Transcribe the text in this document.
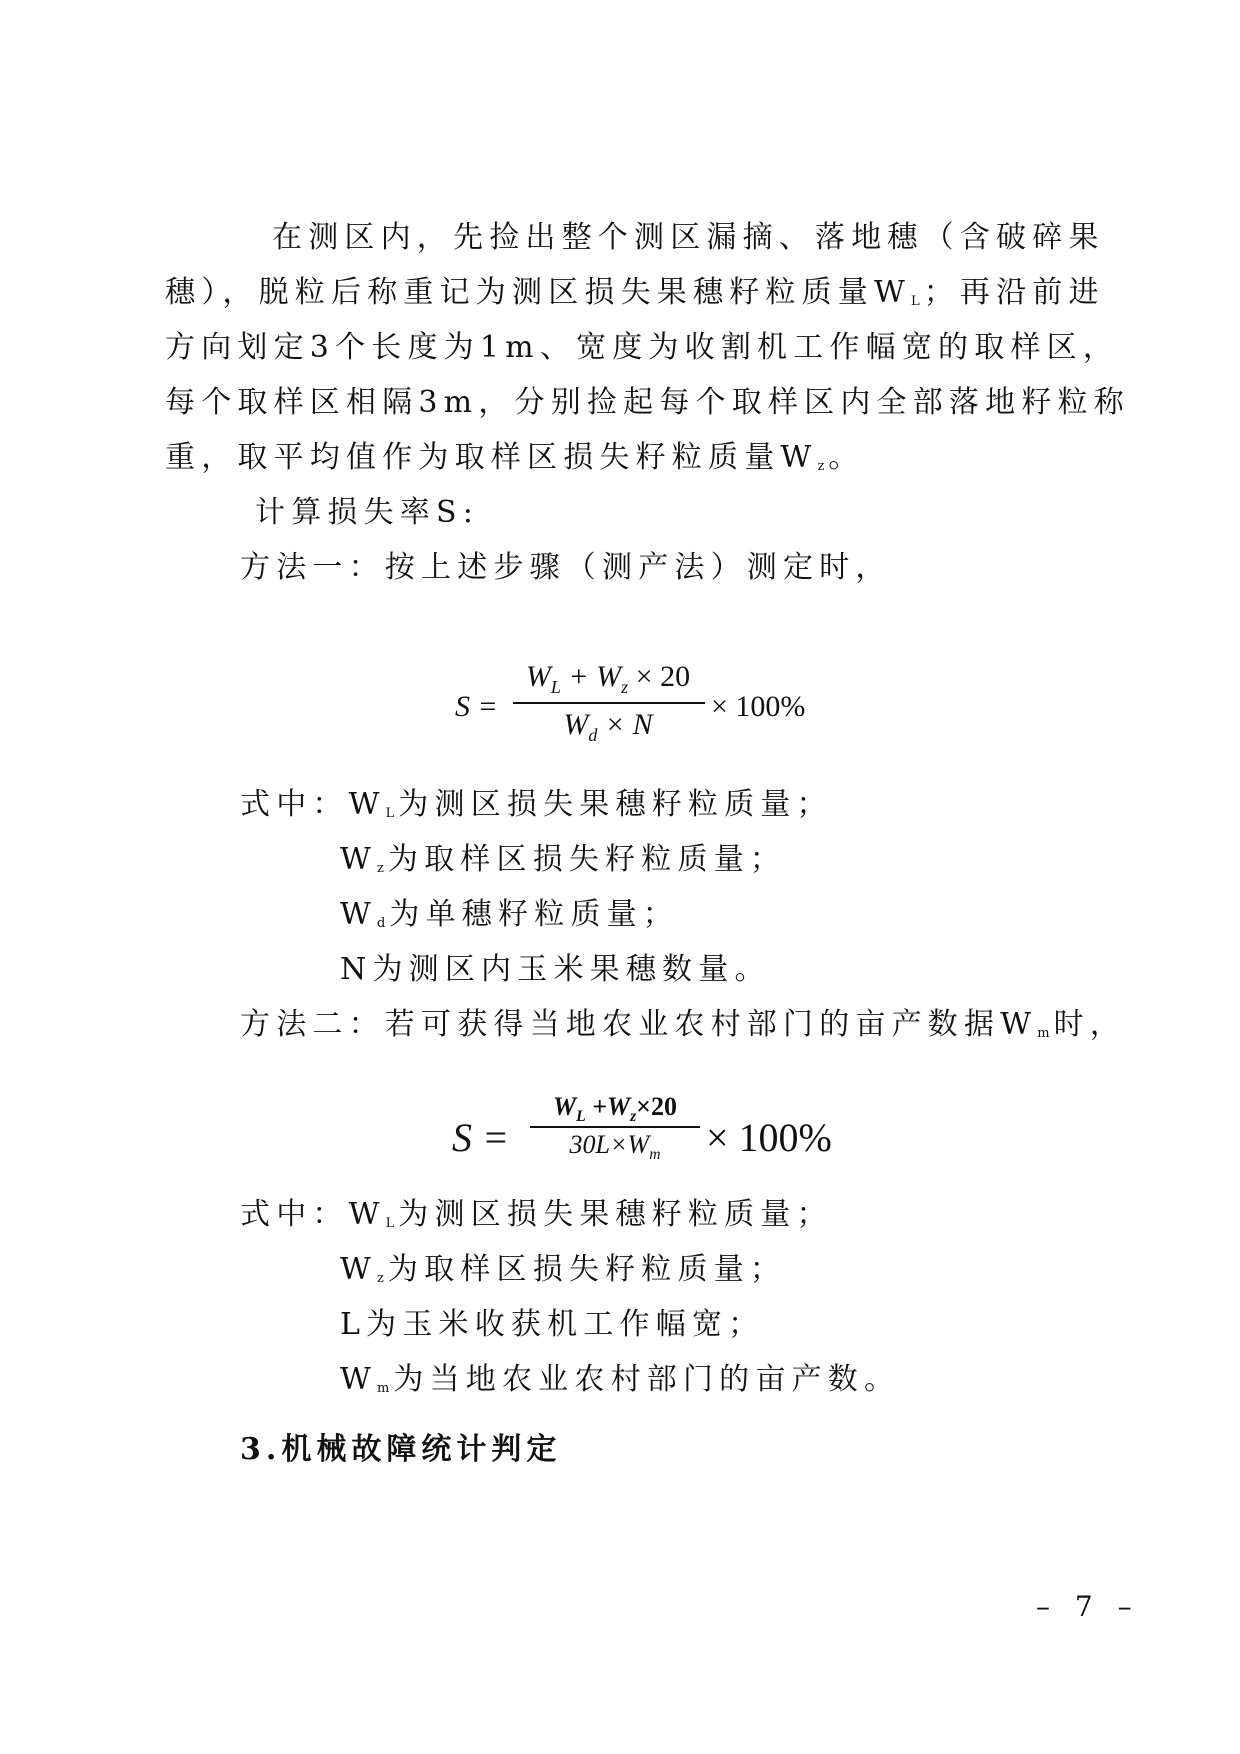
在测区内，先捡出整个测区漏摘、落地穗（含破碎果
穗），脱粒后称重记为测区损失果穗籽粒质量$W_L$ ；再沿前进
方向划定3个长度为1m、宽度为收割机工作幅宽的取样区，
每个取样区相隔3m，分别捡起每个取样区内全部落地籽粒称
重，取平均值作为取样区损失籽粒质量$W_z$ 。
计算损失率S:
方法一：按上述步骤（测产法）测定时，
S =
$W_L + W_z \times 20$
$W_d \times N$
× 100%
式中：$W_L$ 为测区损失果穗籽粒质量；
$W_z$ 为取样区损失籽粒质量；
$W_d$ 为单穗籽粒质量；
N为测区内玉米果穗数量。
方法二：若可获得当地农业农村部门的亩产数据$W_m$ 时，
S =
$W_L +W_z\times 20$
$30L\times W_m$	× 100%
式中：$W_L$ 为测区损失果穗籽粒质量；
$W_z$ 为取样区损失籽粒质量；
L为玉米收获机工作幅宽；
$W_m$ 为当地农业农村部门的亩产数。
3.机械故障统计判定
– 7 –
